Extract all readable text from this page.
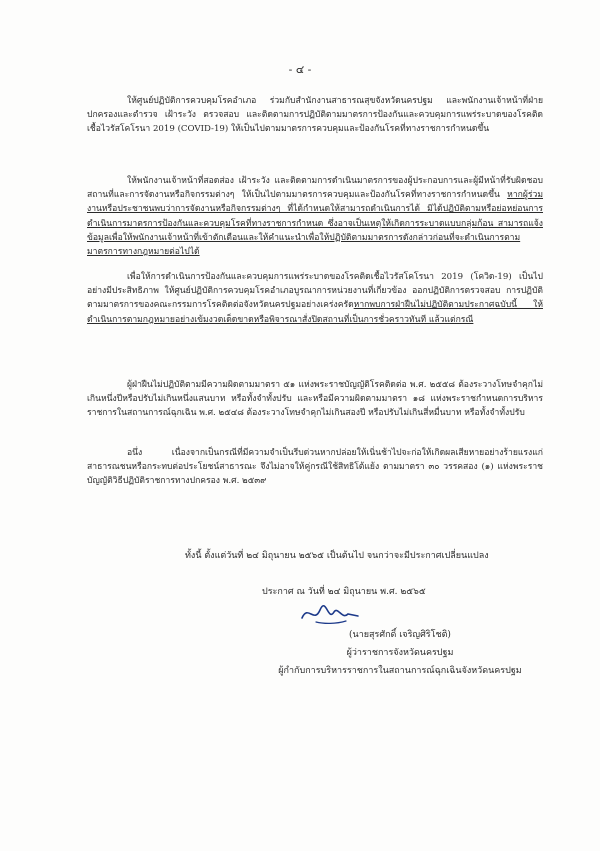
- ๔ -

ให้ศูนย์ปฏิบัติการควบคุมโรคอำเภอ ร่วมกับสำนักงานสาธารณสุขจังหวัดนครปฐม และพนักงานเจ้าหน้าที่ฝ่ายปกครองและตำรวจ เฝ้าระวัง ตรวจสอบ และติดตามการปฏิบัติตามมาตรการป้องกันและควบคุมการแพร่ระบาดของโรคติดเชื้อไวรัสโคโรนา 2019 (COVID-19) ให้เป็นไปตามมาตรการควบคุมและป้องกันโรคที่ทางราชการกำหนดขึ้น

ให้พนักงานเจ้าหน้าที่สอดส่อง เฝ้าระวัง และติดตามการดำเนินมาตรการของผู้ประกอบการและผู้มีหน้าที่รับผิดชอบสถานที่และการจัดงานหรือกิจกรรมต่างๆ ให้เป็นไปตามมาตรการควบคุมและป้องกันโรคที่ทางราชการกำหนดขึ้น หากผู้ร่วมงานหรือประชาชนพบว่าการจัดงานหรือกิจกรรมต่างๆ ที่ได้กำหนดให้สามารถดำเนินการได้ มิได้ปฏิบัติตามหรือย่อหย่อนการดำเนินการมาตรการป้องกันและควบคุมโรคที่ทางราชการกำหนด ซึ่งอาจเป็นเหตุให้เกิดการระบาดแบบกลุ่มก้อน สามารถแจ้งข้อมูลเพื่อให้พนักงานเจ้าหน้าที่เข้าตักเตือนและให้คำแนะนำเพื่อให้ปฏิบัติตามมาตรการดังกล่าวก่อนที่จะดำเนินการตามมาตรการทางกฎหมายต่อไปได้

เพื่อให้การดำเนินการป้องกันและควบคุมการแพร่ระบาดของโรคติดเชื้อไวรัสโคโรนา 2019 (โควิด-19) เป็นไปอย่างมีประสิทธิภาพ ให้ศูนย์ปฏิบัติการควบคุมโรคอำเภอบูรณาการหน่วยงานที่เกี่ยวข้อง ออกปฏิบัติการตรวจสอบ การปฏิบัติตามมาตรการของคณะกรรมการโรคติดต่อจังหวัดนครปฐมอย่างเคร่งครัดหากพบการฝ่าฝืนไม่ปฏิบัติตามประกาศฉบับนี้ ให้ดำเนินการตามกฎหมายอย่างเข้มงวดเด็ดขาดหรือพิจารณาสั่งปิดสถานที่เป็นการชั่วคราวทันที แล้วแต่กรณี

ผู้ฝ่าฝืนไม่ปฏิบัติตามมีความผิดตามมาตรา ๕๑ แห่งพระราชบัญญัติโรคติดต่อ พ.ศ. ๒๕๕๘ ต้องระวางโทษจำคุกไม่เกินหนึ่งปีหรือปรับไม่เกินหนึ่งแสนบาท หรือทั้งจำทั้งปรับ และหรือมีความผิดตามมาตรา ๑๘ แห่งพระราชกำหนดการบริหารราชการในสถานการณ์ฉุกเฉิน พ.ศ. ๒๕๔๘ ต้องระวางโทษจำคุกไม่เกินสองปี หรือปรับไม่เกินสี่หมื่นบาท หรือทั้งจำทั้งปรับ

อนึ่ง เนื่องจากเป็นกรณีที่มีความจำเป็นรีบด่วนหากปล่อยให้เนิ่นช้าไปจะก่อให้เกิดผลเสียหายอย่างร้ายแรงแก่สาธารณชนหรือกระทบต่อประโยชน์สาธารณะ จึงไม่อาจให้คู่กรณีใช้สิทธิโต้แย้ง ตามมาตรา ๓๐ วรรคสอง (๑) แห่งพระราชบัญญัติวิธีปฏิบัติราชการทางปกครอง พ.ศ. ๒๕๓๙

ทั้งนี้ ตั้งแต่วันที่ ๒๔ มิถุนายน ๒๕๖๕ เป็นต้นไป จนกว่าจะมีประกาศเปลี่ยนแปลง
ประกาศ ณ วันที่ ๒๔ มิถุนายน พ.ศ. ๒๕๖๕
(นายสุรศักดิ์ เจริญศิริโชติ)
ผู้ว่าราชการจังหวัดนครปฐม
ผู้กำกับการบริหารราชการในสถานการณ์ฉุกเฉินจังหวัดนครปฐม
